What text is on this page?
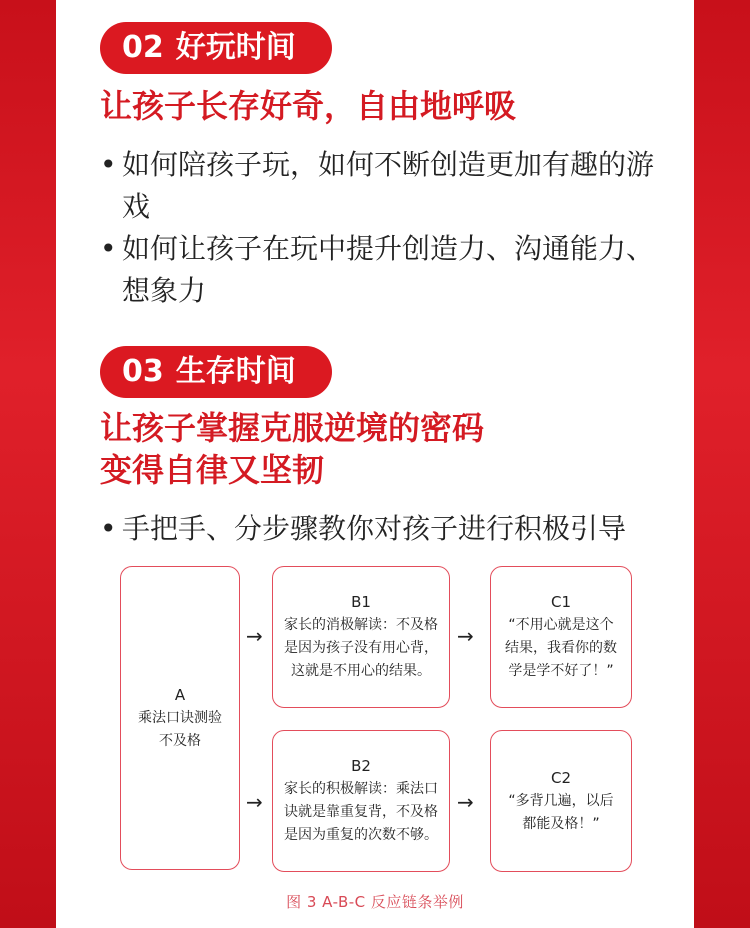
02 好玩时间
让孩子长存好奇，自由地呼吸
• 如何陪孩子玩，如何不断创造更加有趣的游戏
• 如何让孩子在玩中提升创造力、沟通能力、想象力
03 生存时间
让孩子掌握克服逆境的密码
变得自律又坚韧
• 手把手、分步骤教你对孩子进行积极引导
A
乘法口诀测验不及格
→
→
B1
家长的消极解读：不及格是因为孩子没有用心背，这就是不用心的结果。
→
C1
“不用心就是这个结果，我看你的数学是学不好了！”
B2
家长的积极解读：乘法口诀就是靠重复背，不及格是因为重复的次数不够。
→
C2
“多背几遍，以后都能及格！”
图 3 A-B-C 反应链条举例
